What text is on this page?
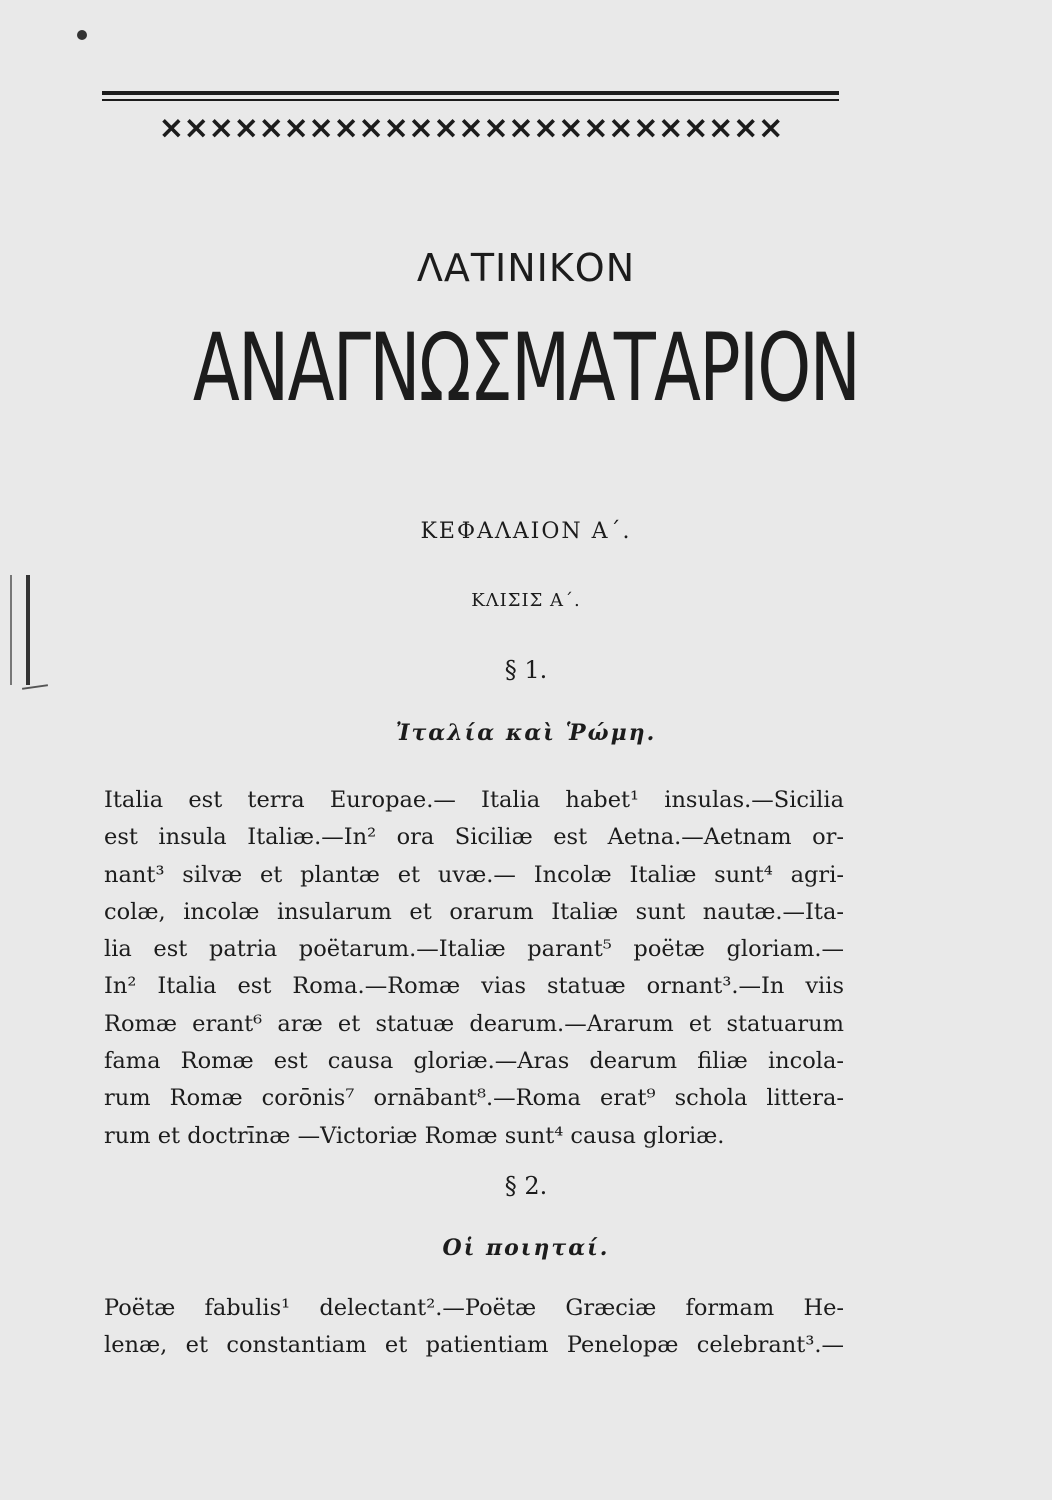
×××××××××××××××××××××××××
ΛΑΤΙΝΙΚΟΝ
ΑΝΑΓΝΩΣΜΑΤΑΡΙΟΝ
ΚΕΦΑΛΑΙΟΝ Α΄.
ΚΛΙΣΙΣ Α΄.
§ 1.
Ἰταλία καὶ Ῥώμη.
Italia est terra Europae.— Italia habet¹ insulas.—Sicilia
est insula Italiæ.—In² ora Siciliæ est Aetna.—Aetnam or-
nant³ silvæ et plantæ et uvæ.— Incolæ Italiæ sunt⁴ agri-
colæ, incolæ insularum et orarum Italiæ sunt nautæ.—Ita-
lia est patria poëtarum.—Italiæ parant⁵ poëtæ gloriam.—
In² Italia est Roma.—Romæ vias statuæ ornant³.—In viis
Romæ erant⁶ aræ et statuæ dearum.—Ararum et statuarum
fama Romæ est causa gloriæ.—Aras dearum filiæ incola-
rum Romæ corōnis⁷ ornābant⁸.—Roma erat⁹ schola littera-
rum et doctrīnæ —Victoriæ Romæ sunt⁴ causa gloriæ.
§ 2.
Οἱ ποιηταί.
Poëtæ fabulis¹ delectant².—Poëtæ Græciæ formam He-
lenæ, et constantiam et patientiam Penelopæ celebrant³.—
